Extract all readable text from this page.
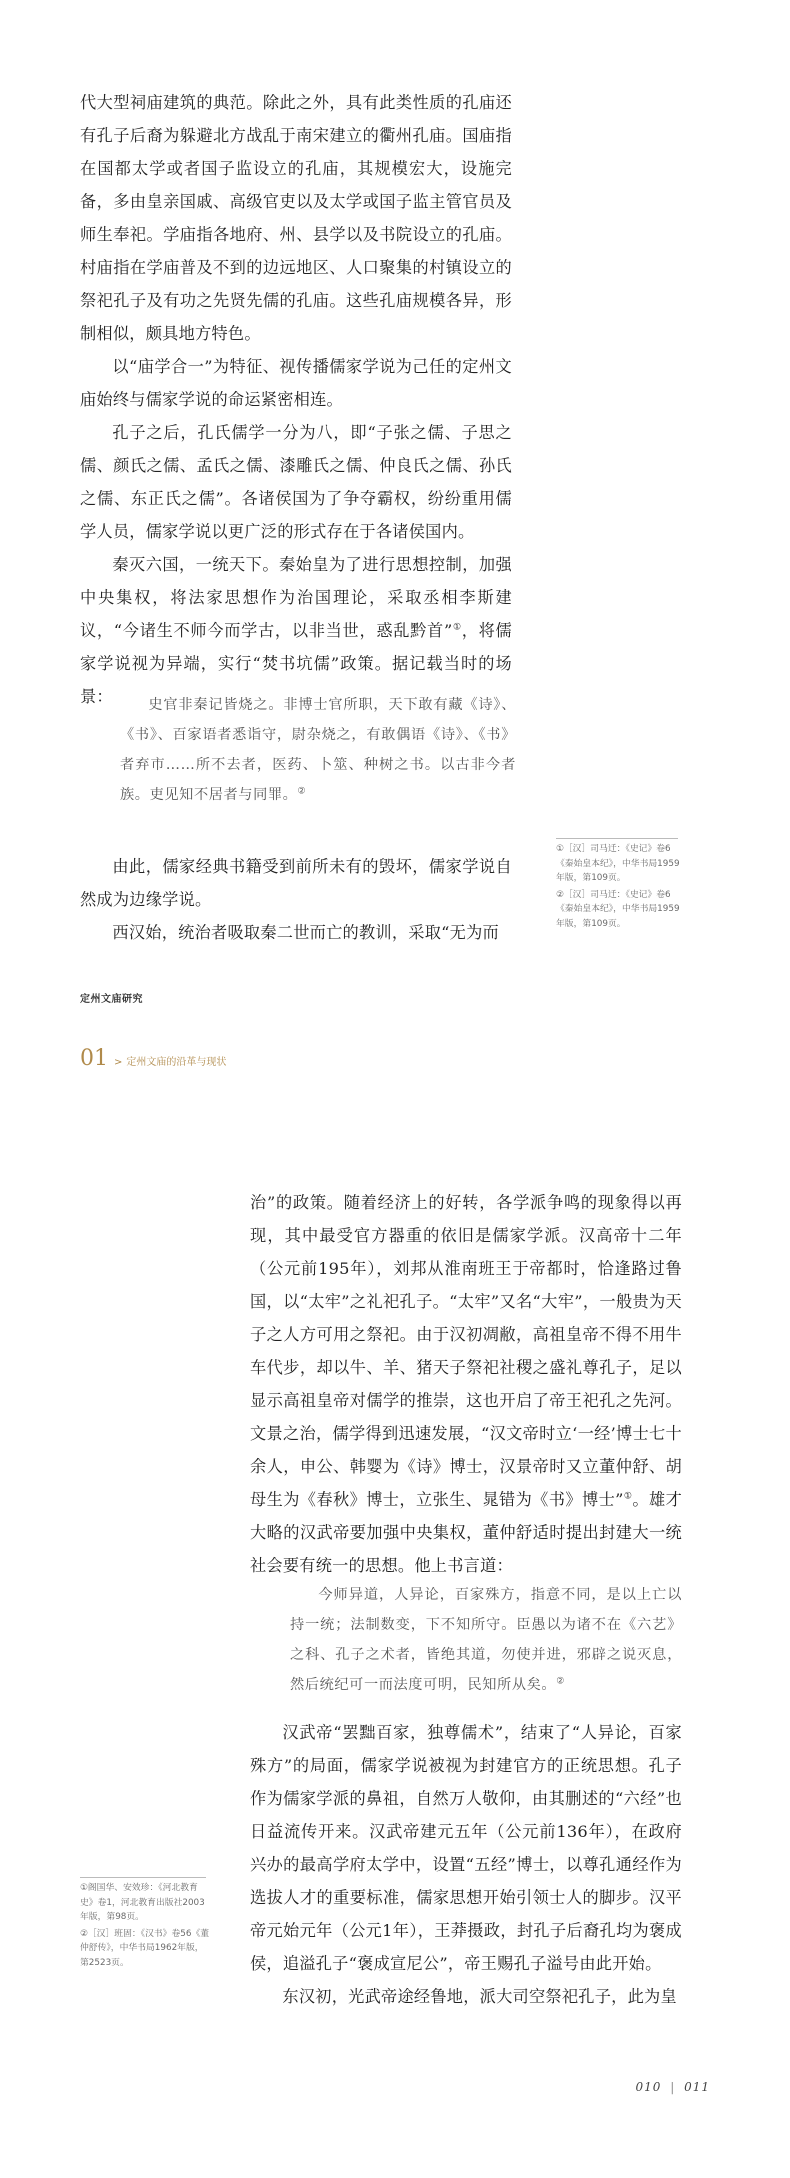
代大型祠庙建筑的典范。除此之外，具有此类性质的孔庙还有孔子后裔为躲避北方战乱于南宋建立的衢州孔庙。国庙指在国都太学或者国子监设立的孔庙，其规模宏大，设施完备，多由皇亲国戚、高级官吏以及太学或国子监主管官员及师生奉祀。学庙指各地府、州、县学以及书院设立的孔庙。村庙指在学庙普及不到的边远地区、人口聚集的村镇设立的祭祀孔子及有功之先贤先儒的孔庙。这些孔庙规模各异，形制相似，颇具地方特色。

以“庙学合一”为特征、视传播儒家学说为己任的定州文庙始终与儒家学说的命运紧密相连。

孔子之后，孔氏儒学一分为八，即“子张之儒、子思之儒、颜氏之儒、孟氏之儒、漆雕氏之儒、仲良氏之儒、孙氏之儒、东正氏之儒”。各诸侯国为了争夺霸权，纷纷重用儒学人员，儒家学说以更广泛的形式存在于各诸侯国内。

秦灭六国，一统天下。秦始皇为了进行思想控制，加强中央集权，将法家思想作为治国理论，采取丞相李斯建议，“今诸生不师今而学古，以非当世，惑乱黔首”①，将儒家学说视为异端，实行“焚书坑儒”政策。据记载当时的场景：	史官非秦记皆烧之。非博士官所职，天下敢有藏《诗》、《书》、百家语者悉诣守，尉杂烧之，有敢偶语《诗》、《书》者弃市……所不去者，医药、卜筮、种树之书。以古非今者族。吏见知不居者与同罪。②

由此，儒家经典书籍受到前所未有的毁坏，儒家学说自然成为边缘学说。

西汉始，统治者吸取秦二世而亡的教训，采取“无为而

①［汉］司马迁：《史记》卷6《秦始皇本纪》，中华书局1959年版，第109页。

②［汉］司马迁：《史记》卷6《秦始皇本纪》，中华书局1959年版，第109页。

定州文庙研究
01 > 定州文庙的沿革与现状

治”的政策。随着经济上的好转，各学派争鸣的现象得以再现，其中最受官方器重的依旧是儒家学派。汉高帝十二年（公元前195年），刘邦从淮南班王于帝都时，恰逢路过鲁国，以“太牢”之礼祀孔子。“太牢”又名“大牢”，一般贵为天子之人方可用之祭祀。由于汉初凋敝，高祖皇帝不得不用牛车代步，却以牛、羊、猪天子祭祀社稷之盛礼尊孔子，足以显示高祖皇帝对儒学的推崇，这也开启了帝王祀孔之先河。文景之治，儒学得到迅速发展，“汉文帝时立‘一经’博士七十余人，申公、韩婴为《诗》博士，汉景帝时又立董仲舒、胡母生为《春秋》博士，立张生、晁错为《书》博士”①。雄才大略的汉武帝要加强中央集权，董仲舒适时提出封建大一统社会要有统一的思想。他上书言道：

今师异道，人异论，百家殊方，指意不同，是以上亡以持一统；法制数变，下不知所守。臣愚以为诸不在《六艺》之科、孔子之术者，皆绝其道，勿使并进，邪辟之说灭息，然后统纪可一而法度可明，民知所从矣。②

汉武帝“罢黜百家，独尊儒术”，结束了“人异论，百家殊方”的局面，儒家学说被视为封建官方的正统思想。孔子作为儒家学派的鼻祖，自然万人敬仰，由其删述的“六经”也日益流传开来。汉武帝建元五年（公元前136年），在政府兴办的最高学府太学中，设置“五经”博士，以尊孔通经作为选拔人才的重要标准，儒家思想开始引领士人的脚步。汉平帝元始元年（公元1年），王莽摄政，封孔子后裔孔均为褒成侯，追溢孔子“褒成宣尼公”，帝王赐孔子溢号由此开始。

东汉初，光武帝途经鲁地，派大司空祭祀孔子，此为皇

①阁国华、安效珍：《河北教育史》卷1，河北教育出版社2003年版，第98页。

②［汉］班固：《汉书》卷56《董仲舒传》，中华书局1962年版，第2523页。

010 | 011
